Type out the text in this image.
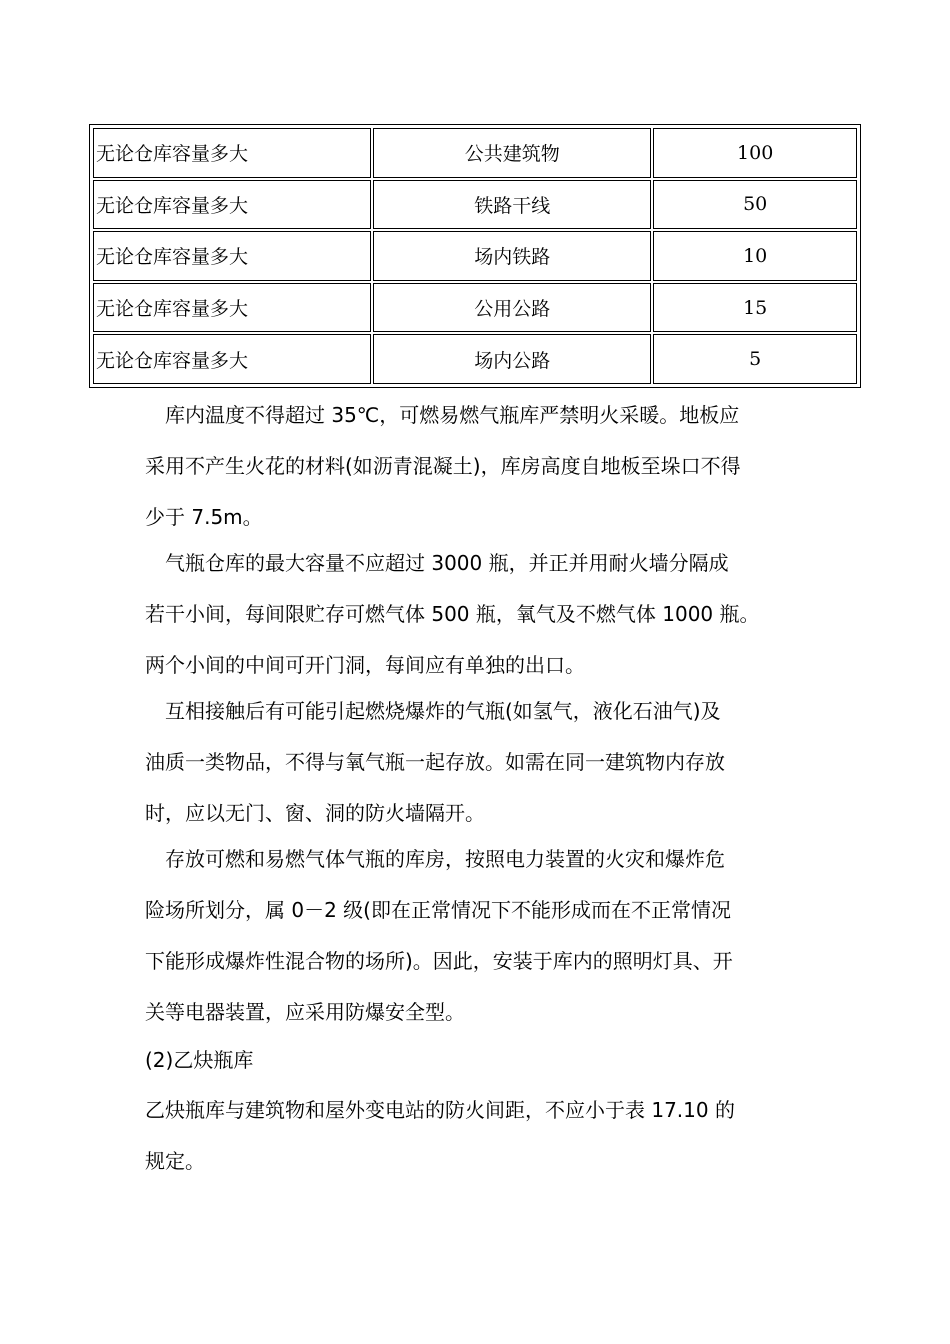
无论仓库容量多大	公共建筑物	100
无论仓库容量多大	铁路干线	50
无论仓库容量多大	场内铁路	10
无论仓库容量多大	公用公路	15
无论仓库容量多大	场内公路	5
　库内温度不得超过 35℃，可燃易燃气瓶库严禁明火采暖。地板应
采用不产生火花的材料(如沥青混凝土)，库房高度自地板至垛口不得
少于 7.5m。
　气瓶仓库的最大容量不应超过 3000 瓶，并正并用耐火墙分隔成
若干小间，每间限贮存可燃气体 500 瓶，氧气及不燃气体 1000 瓶。
两个小间的中间可开门洞，每间应有单独的出口。
　互相接触后有可能引起燃烧爆炸的气瓶(如氢气，液化石油气)及
油质一类物品，不得与氧气瓶一起存放。如需在同一建筑物内存放
时，应以无门、窗、洞的防火墙隔开。
　存放可燃和易燃气体气瓶的库房，按照电力装置的火灾和爆炸危
险场所划分，属 0－2 级(即在正常情况下不能形成而在不正常情况
下能形成爆炸性混合物的场所)。因此，安装于库内的照明灯具、开
关等电器装置，应采用防爆安全型。
(2)乙炔瓶库
乙炔瓶库与建筑物和屋外变电站的防火间距，不应小于表 17.10 的
规定。
